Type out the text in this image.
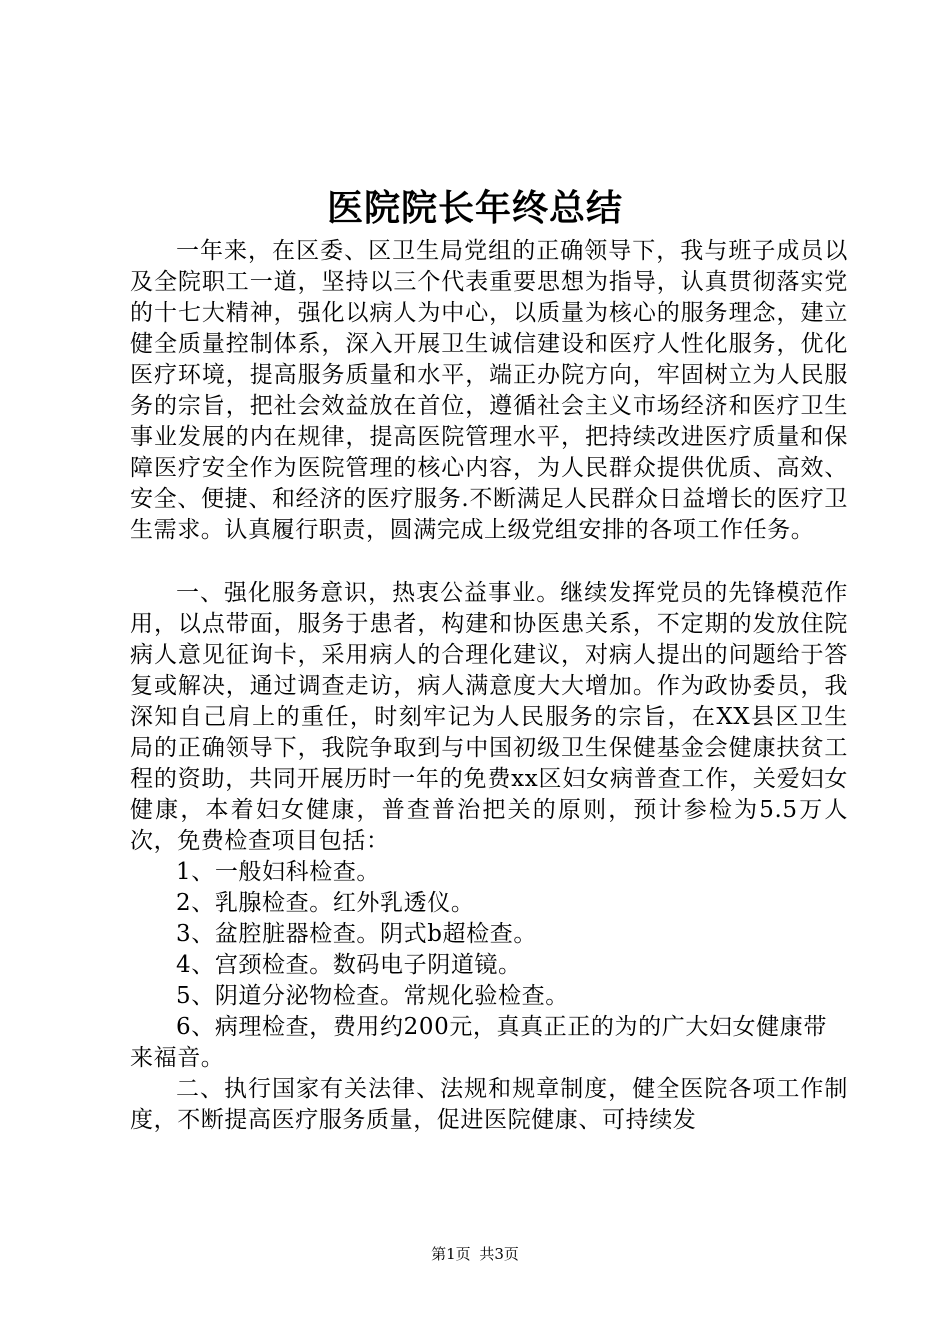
医院院长年终总结

一年来，在区委、区卫生局党组的正确领导下，我与班子成员以及全院职工一道，坚持以三个代表重要思想为指导，认真贯彻落实党的十七大精神，强化以病人为中心，以质量为核心的服务理念，建立健全质量控制体系，深入开展卫生诚信建设和医疗人性化服务，优化医疗环境，提高服务质量和水平，端正办院方向，牢固树立为人民服务的宗旨，把社会效益放在首位，遵循社会主义市场经济和医疗卫生事业发展的内在规律，提高医院管理水平，把持续改进医疗质量和保障医疗安全作为医院管理的核心内容，为人民群众提供优质、高效、安全、便捷、和经济的医疗服务.不断满足人民群众日益增长的医疗卫生需求。认真履行职责，圆满完成上级党组安排的各项工作任务。

一、强化服务意识，热衷公益事业。继续发挥党员的先锋模范作用，以点带面，服务于患者，构建和协医患关系，不定期的发放住院病人意见征询卡，采用病人的合理化建议，对病人提出的问题给于答复或解决，通过调查走访，病人满意度大大增加。作为政协委员，我深知自己肩上的重任，时刻牢记为人民服务的宗旨，在XX县区卫生局的正确领导下，我院争取到与中国初级卫生保健基金会健康扶贫工程的资助，共同开展历时一年的免费xx区妇女病普查工作，关爱妇女健康，本着妇女健康，普查普治把关的原则，预计参检为5.5万人次，免费检查项目包括：

1、一般妇科检查。

2、乳腺检查。红外乳透仪。

3、盆腔脏器检查。阴式b超检查。

4、宫颈检查。数码电子阴道镜。

5、阴道分泌物检查。常规化验检查。

6、病理检查，费用约200元，真真正正的为的广大妇女健康带来福音。

二、执行国家有关法律、法规和规章制度，健全医院各项工作制度，不断提高医疗服务质量，促进医院健康、可持续发

第1页 共3页
